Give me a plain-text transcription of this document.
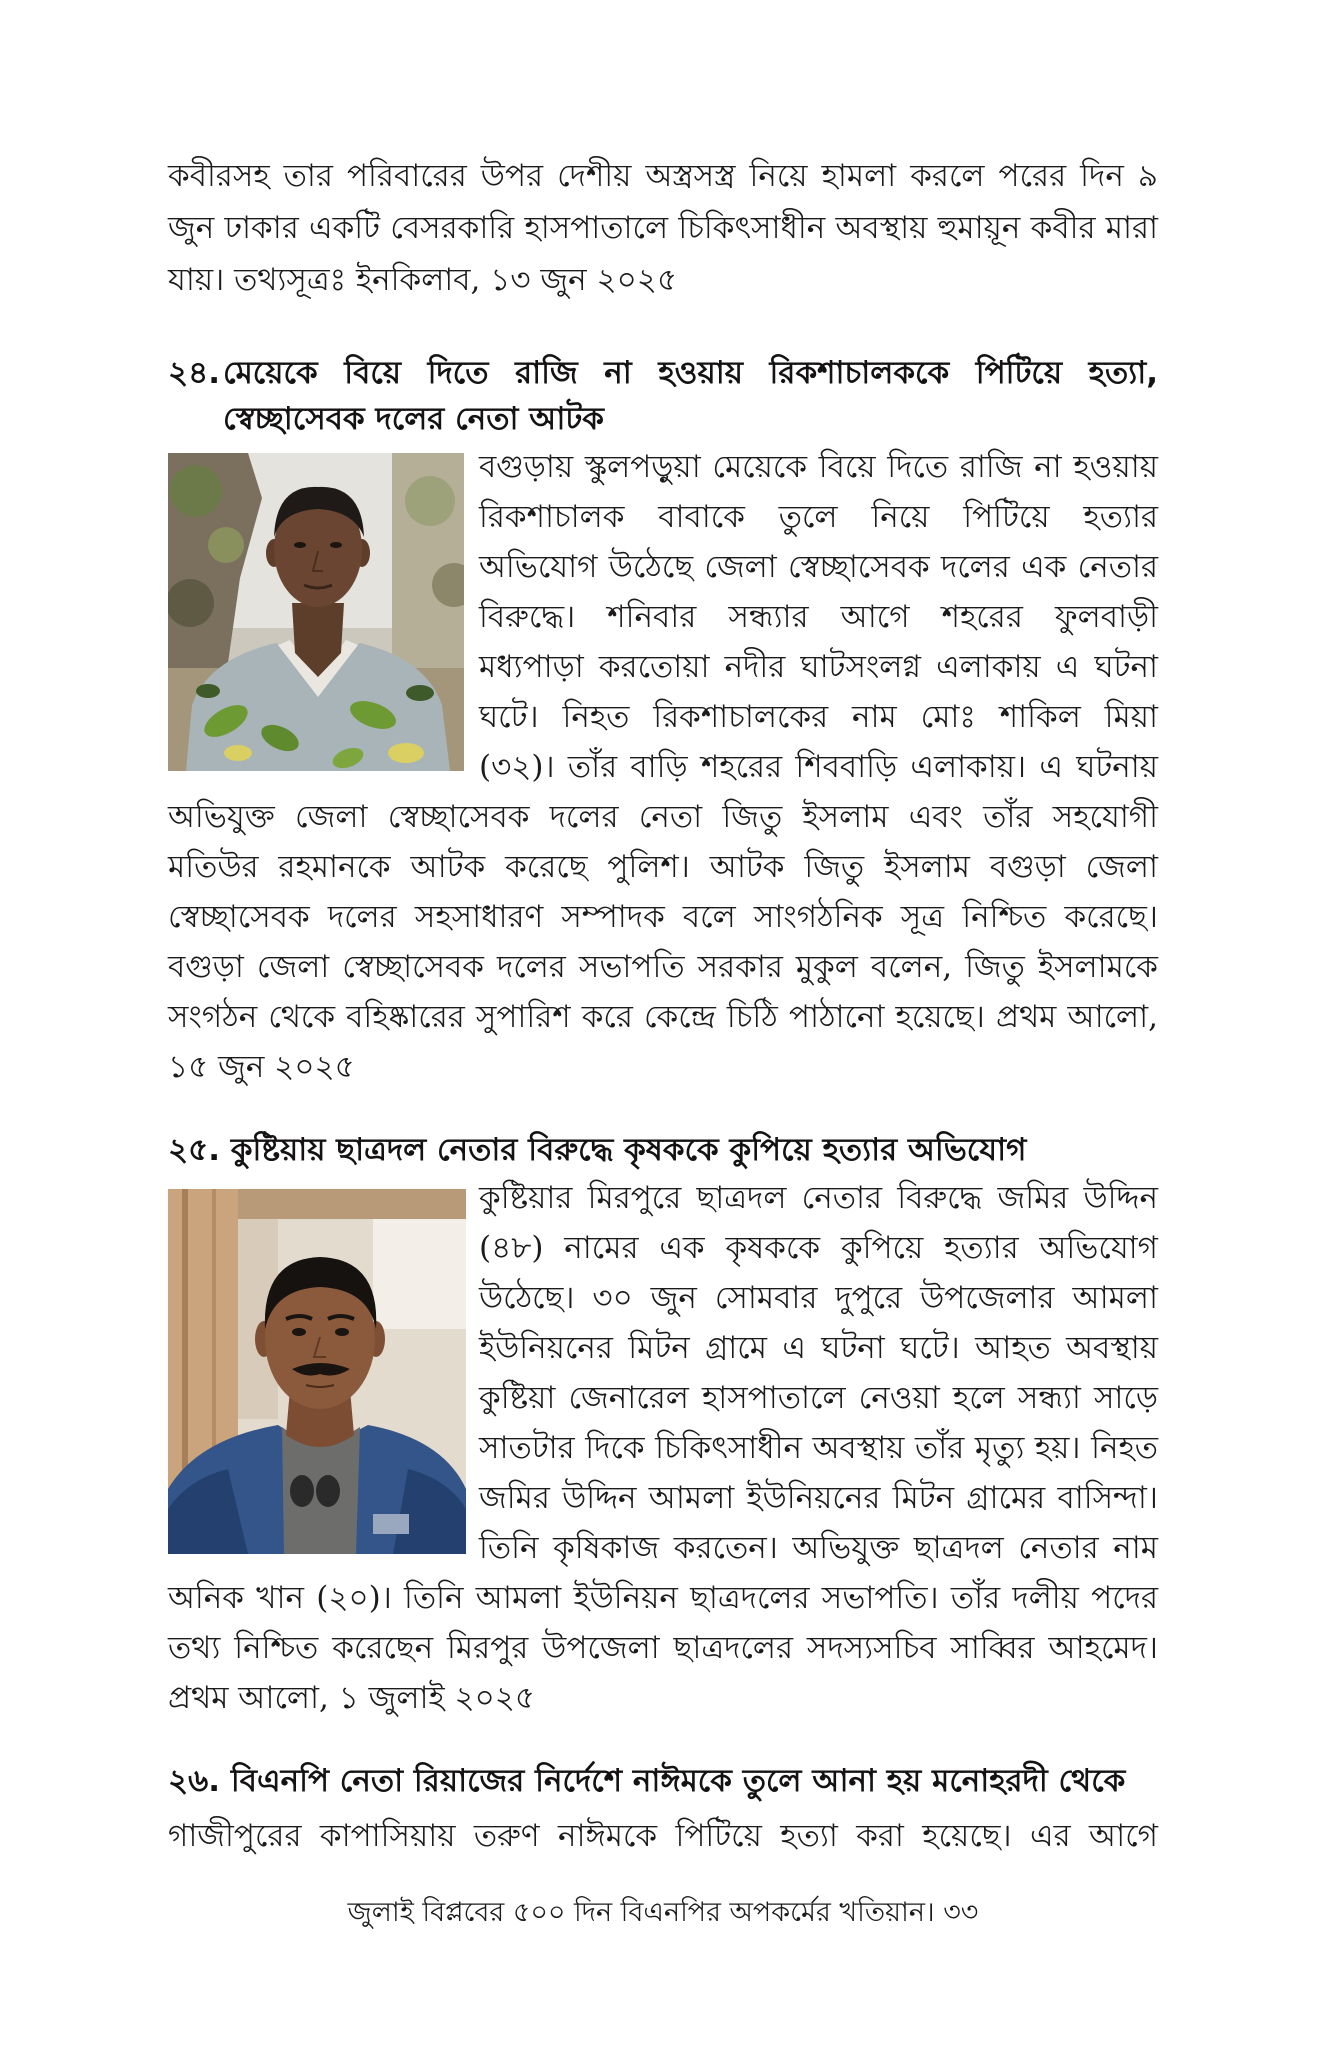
কবীরসহ তার পরিবারের উপর দেশীয় অস্ত্রসস্ত্র নিয়ে হামলা করলে পরের দিন ৯ জুন ঢাকার একটি বেসরকারি হাসপাতালে চিকিৎসাধীন অবস্থায় হুমায়ূন কবীর মারা যায়। তথ্যসূত্রঃ ইনকিলাব, ১৩ জুন ২০২৫

২৪. মেয়েকে বিয়ে দিতে রাজি না হওয়ায় রিকশাচালককে পিটিয়ে হত্যা, স্বেচ্ছাসেবক দলের নেতা আটক

বগুড়ায় স্কুলপড়ুয়া মেয়েকে বিয়ে দিতে রাজি না হওয়ায় রিকশাচালক বাবাকে তুলে নিয়ে পিটিয়ে হত্যার অভিযোগ উঠেছে জেলা স্বেচ্ছাসেবক দলের এক নেতার বিরুদ্ধে। শনিবার সন্ধ্যার আগে শহরের ফুলবাড়ী মধ্যপাড়া করতোয়া নদীর ঘাটসংলগ্ন এলাকায় এ ঘটনা ঘটে। নিহত রিকশাচালকের নাম মোঃ শাকিল মিয়া (৩২)। তাঁর বাড়ি শহরের শিববাড়ি এলাকায়। এ ঘটনায় অভিযুক্ত জেলা স্বেচ্ছাসেবক দলের নেতা জিতু ইসলাম এবং তাঁর সহযোগী মতিউর রহমানকে আটক করেছে পুলিশ। আটক জিতু ইসলাম বগুড়া জেলা স্বেচ্ছাসেবক দলের সহসাধারণ সম্পাদক বলে সাংগঠনিক সূত্র নিশ্চিত করেছে। বগুড়া জেলা স্বেচ্ছাসেবক দলের সভাপতি সরকার মুকুল বলেন, জিতু ইসলামকে সংগঠন থেকে বহিষ্কারের সুপারিশ করে কেন্দ্রে চিঠি পাঠানো হয়েছে। প্রথম আলো, ১৫ জুন ২০২৫

২৫. কুষ্টিয়ায় ছাত্রদল নেতার বিরুদ্ধে কৃষককে কুপিয়ে হত্যার অভিযোগ

কুষ্টিয়ার মিরপুরে ছাত্রদল নেতার বিরুদ্ধে জমির উদ্দিন (৪৮) নামের এক কৃষককে কুপিয়ে হত্যার অভিযোগ উঠেছে। ৩০ জুন সোমবার দুপুরে উপজেলার আমলা ইউনিয়নের মিটন গ্রামে এ ঘটনা ঘটে। আহত অবস্থায় কুষ্টিয়া জেনারেল হাসপাতালে নেওয়া হলে সন্ধ্যা সাড়ে সাতটার দিকে চিকিৎসাধীন অবস্থায় তাঁর মৃত্যু হয়। নিহত জমির উদ্দিন আমলা ইউনিয়নের মিটন গ্রামের বাসিন্দা। তিনি কৃষিকাজ করতেন। অভিযুক্ত ছাত্রদল নেতার নাম অনিক খান (২০)। তিনি আমলা ইউনিয়ন ছাত্রদলের সভাপতি। তাঁর দলীয় পদের তথ্য নিশ্চিত করেছেন মিরপুর উপজেলা ছাত্রদলের সদস্যসচিব সাব্বির আহমেদ। প্রথম আলো, ১ জুলাই ২০২৫

২৬. বিএনপি নেতা রিয়াজের নির্দেশে নাঈমকে তুলে আনা হয় মনোহরদী থেকে

গাজীপুরের কাপাসিয়ায় তরুণ নাঈমকে পিটিয়ে হত্যা করা হয়েছে। এর আগে

জুলাই বিপ্লবের ৫০০ দিন বিএনপির অপকর্মের খতিয়ান। ৩৩
